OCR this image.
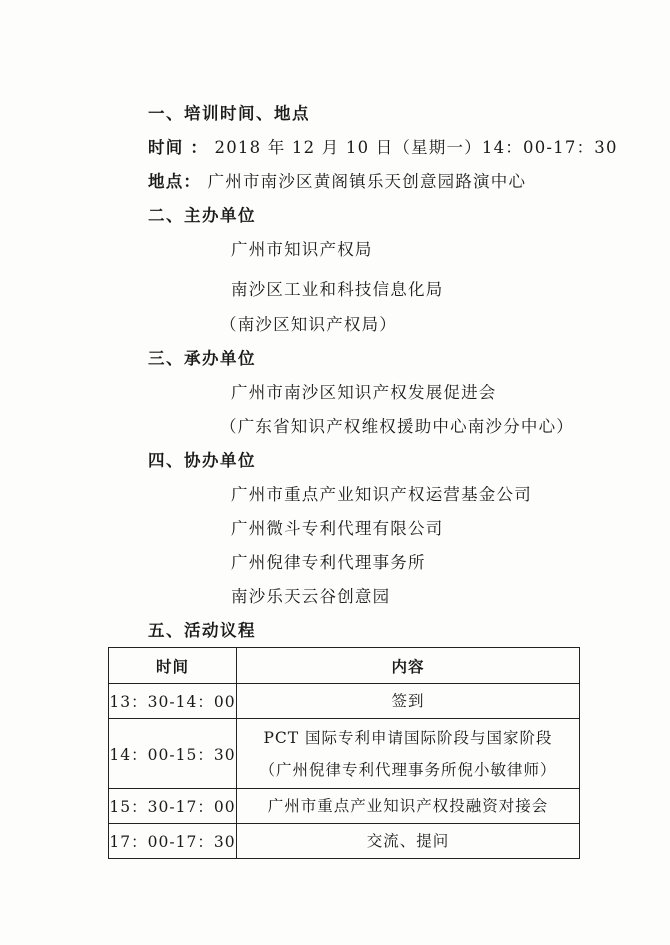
一、培训时间、地点
时间 ： 2018 年 12 月 10 日（星期一）14：00-17：30
地点： 广州市南沙区黄阁镇乐天创意园路演中心
二、主办单位
广州市知识产权局
南沙区工业和科技信息化局
（南沙区知识产权局）
三、承办单位
广州市南沙区知识产权发展促进会
（广东省知识产权维权援助中心南沙分中心）
四、协办单位
广州市重点产业知识产权运营基金公司
广州微斗专利代理有限公司
广州倪律专利代理事务所
南沙乐天云谷创意园
五、活动议程
时间	内容
13：30-14：00	签到

14：00-15：30	PCT 国际专利申请国际阶段与国家阶段
（广州倪律专利代理事务所倪小敏律师）

15：30-17：00	广州市重点产业知识产权投融资对接会

17：00-17：30	交流、提问
